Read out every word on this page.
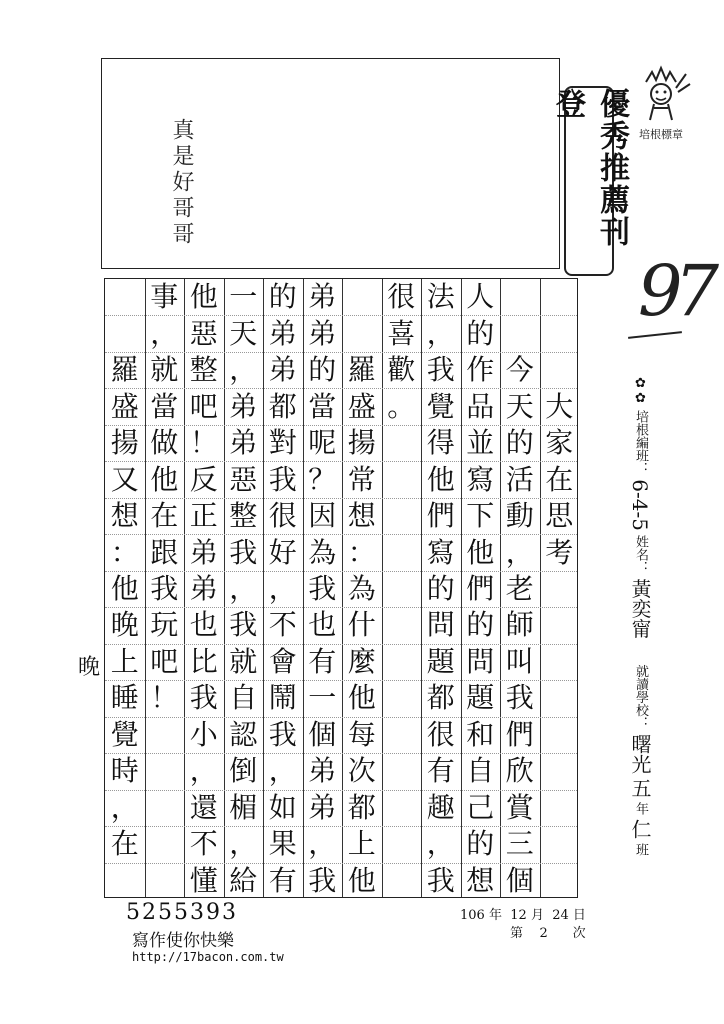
真是好哥哥	優秀推薦刊登
培根標章
97
✿✿ 培根編班： 6-4-5 姓名： 黃奕甯  就讀學校： 曙光 五 年 仁 班
大
家
在
思
考
今
天
的
活
動
，
老
師
叫
我
們
欣
賞
三
個
人
的
作
品
並
寫
下
他
們
的
問
題
和
自
己
的
想
法
，
我
覺
得
他
們
寫
的
問
題
都
很
有
趣
，
我
很
喜
歡
。
羅
盛
揚
常
想
：
為
什
麼
他
每
次
都
上
他
弟
弟
的
當
呢
？
因
為
我
也
有
一
個
弟
弟
，
我
的
弟
弟
都
對
我
很
好
，
不
會
鬧
我
，
如
果
有
一
天
，
弟
弟
惡
整
我
，
我
就
自
認
倒
楣
，
給
他
惡
整
吧
！
反
正
弟
弟
也
比
我
小
，
還
不
懂
事
，
就
當
做
他
在
跟
我
玩
吧
！
羅
盛
揚
又
想
：
他
晚
上
睡
覺
時
，
在
晚
5255393
寫作使你快樂
http://17bacon.com.tw
106 年 12 月 24 日
第 2 次
